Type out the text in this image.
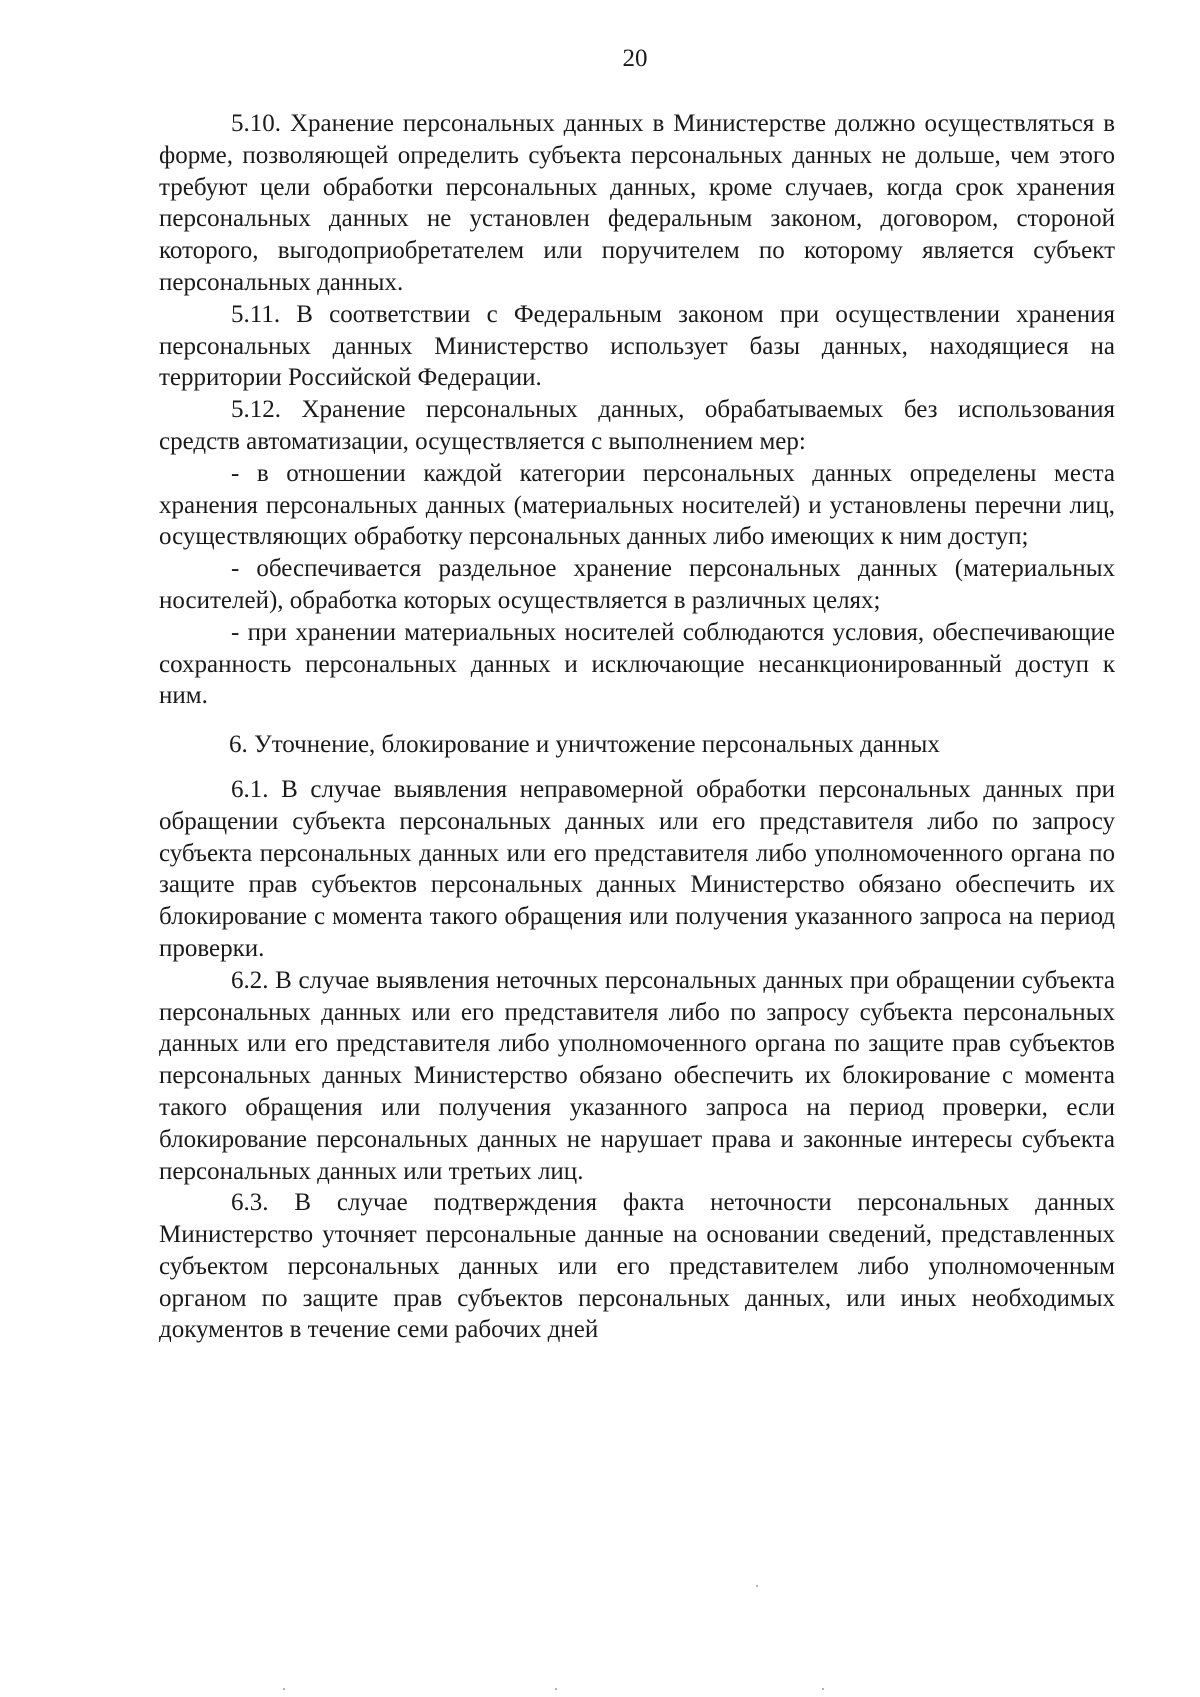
20

5.10. Хранение персональных данных в Министерстве должно осуществляться в форме, позволяющей определить субъекта персональных данных не дольше, чем этого требуют цели обработки персональных данных, кроме случаев, когда срок хранения персональных данных не установлен федеральным законом, договором, стороной которого, выгодоприобретателем или поручителем по которому является субъект персональных данных.

5.11. В соответствии с Федеральным законом при осуществлении хранения персональных данных Министерство использует базы данных, находящиеся на территории Российской Федерации.

5.12. Хранение персональных данных, обрабатываемых без использования средств автоматизации, осуществляется с выполнением мер:

- в отношении каждой категории персональных данных определены места хранения персональных данных (материальных носителей) и установлены перечни лиц, осуществляющих обработку персональных данных либо имеющих к ним доступ;

- обеспечивается раздельное хранение персональных данных (материальных носителей), обработка которых осуществляется в различных целях;

- при хранении материальных носителей соблюдаются условия, обеспечивающие сохранность персональных данных и исключающие несанкционированный доступ к ним.

6. Уточнение, блокирование и уничтожение персональных данных

6.1. В случае выявления неправомерной обработки персональных данных при обращении субъекта персональных данных или его представителя либо по запросу субъекта персональных данных или его представителя либо уполномоченного органа по защите прав субъектов персональных данных Министерство обязано обеспечить их блокирование с момента такого обращения или получения указанного запроса на период проверки.

6.2. В случае выявления неточных персональных данных при обращении субъекта персональных данных или его представителя либо по запросу субъекта персональных данных или его представителя либо уполномоченного органа по защите прав субъектов персональных данных Министерство обязано обеспечить их блокирование с момента такого обращения или получения указанного запроса на период проверки, если блокирование персональных данных не нарушает права и законные интересы субъекта персональных данных или третьих лиц.

6.3. В случае подтверждения факта неточности персональных данных Министерство уточняет персональные данные на основании сведений, представленных субъектом персональных данных или его представителем либо уполномоченным органом по защите прав субъектов персональных данных, или иных необходимых документов в течение семи рабочих дней
